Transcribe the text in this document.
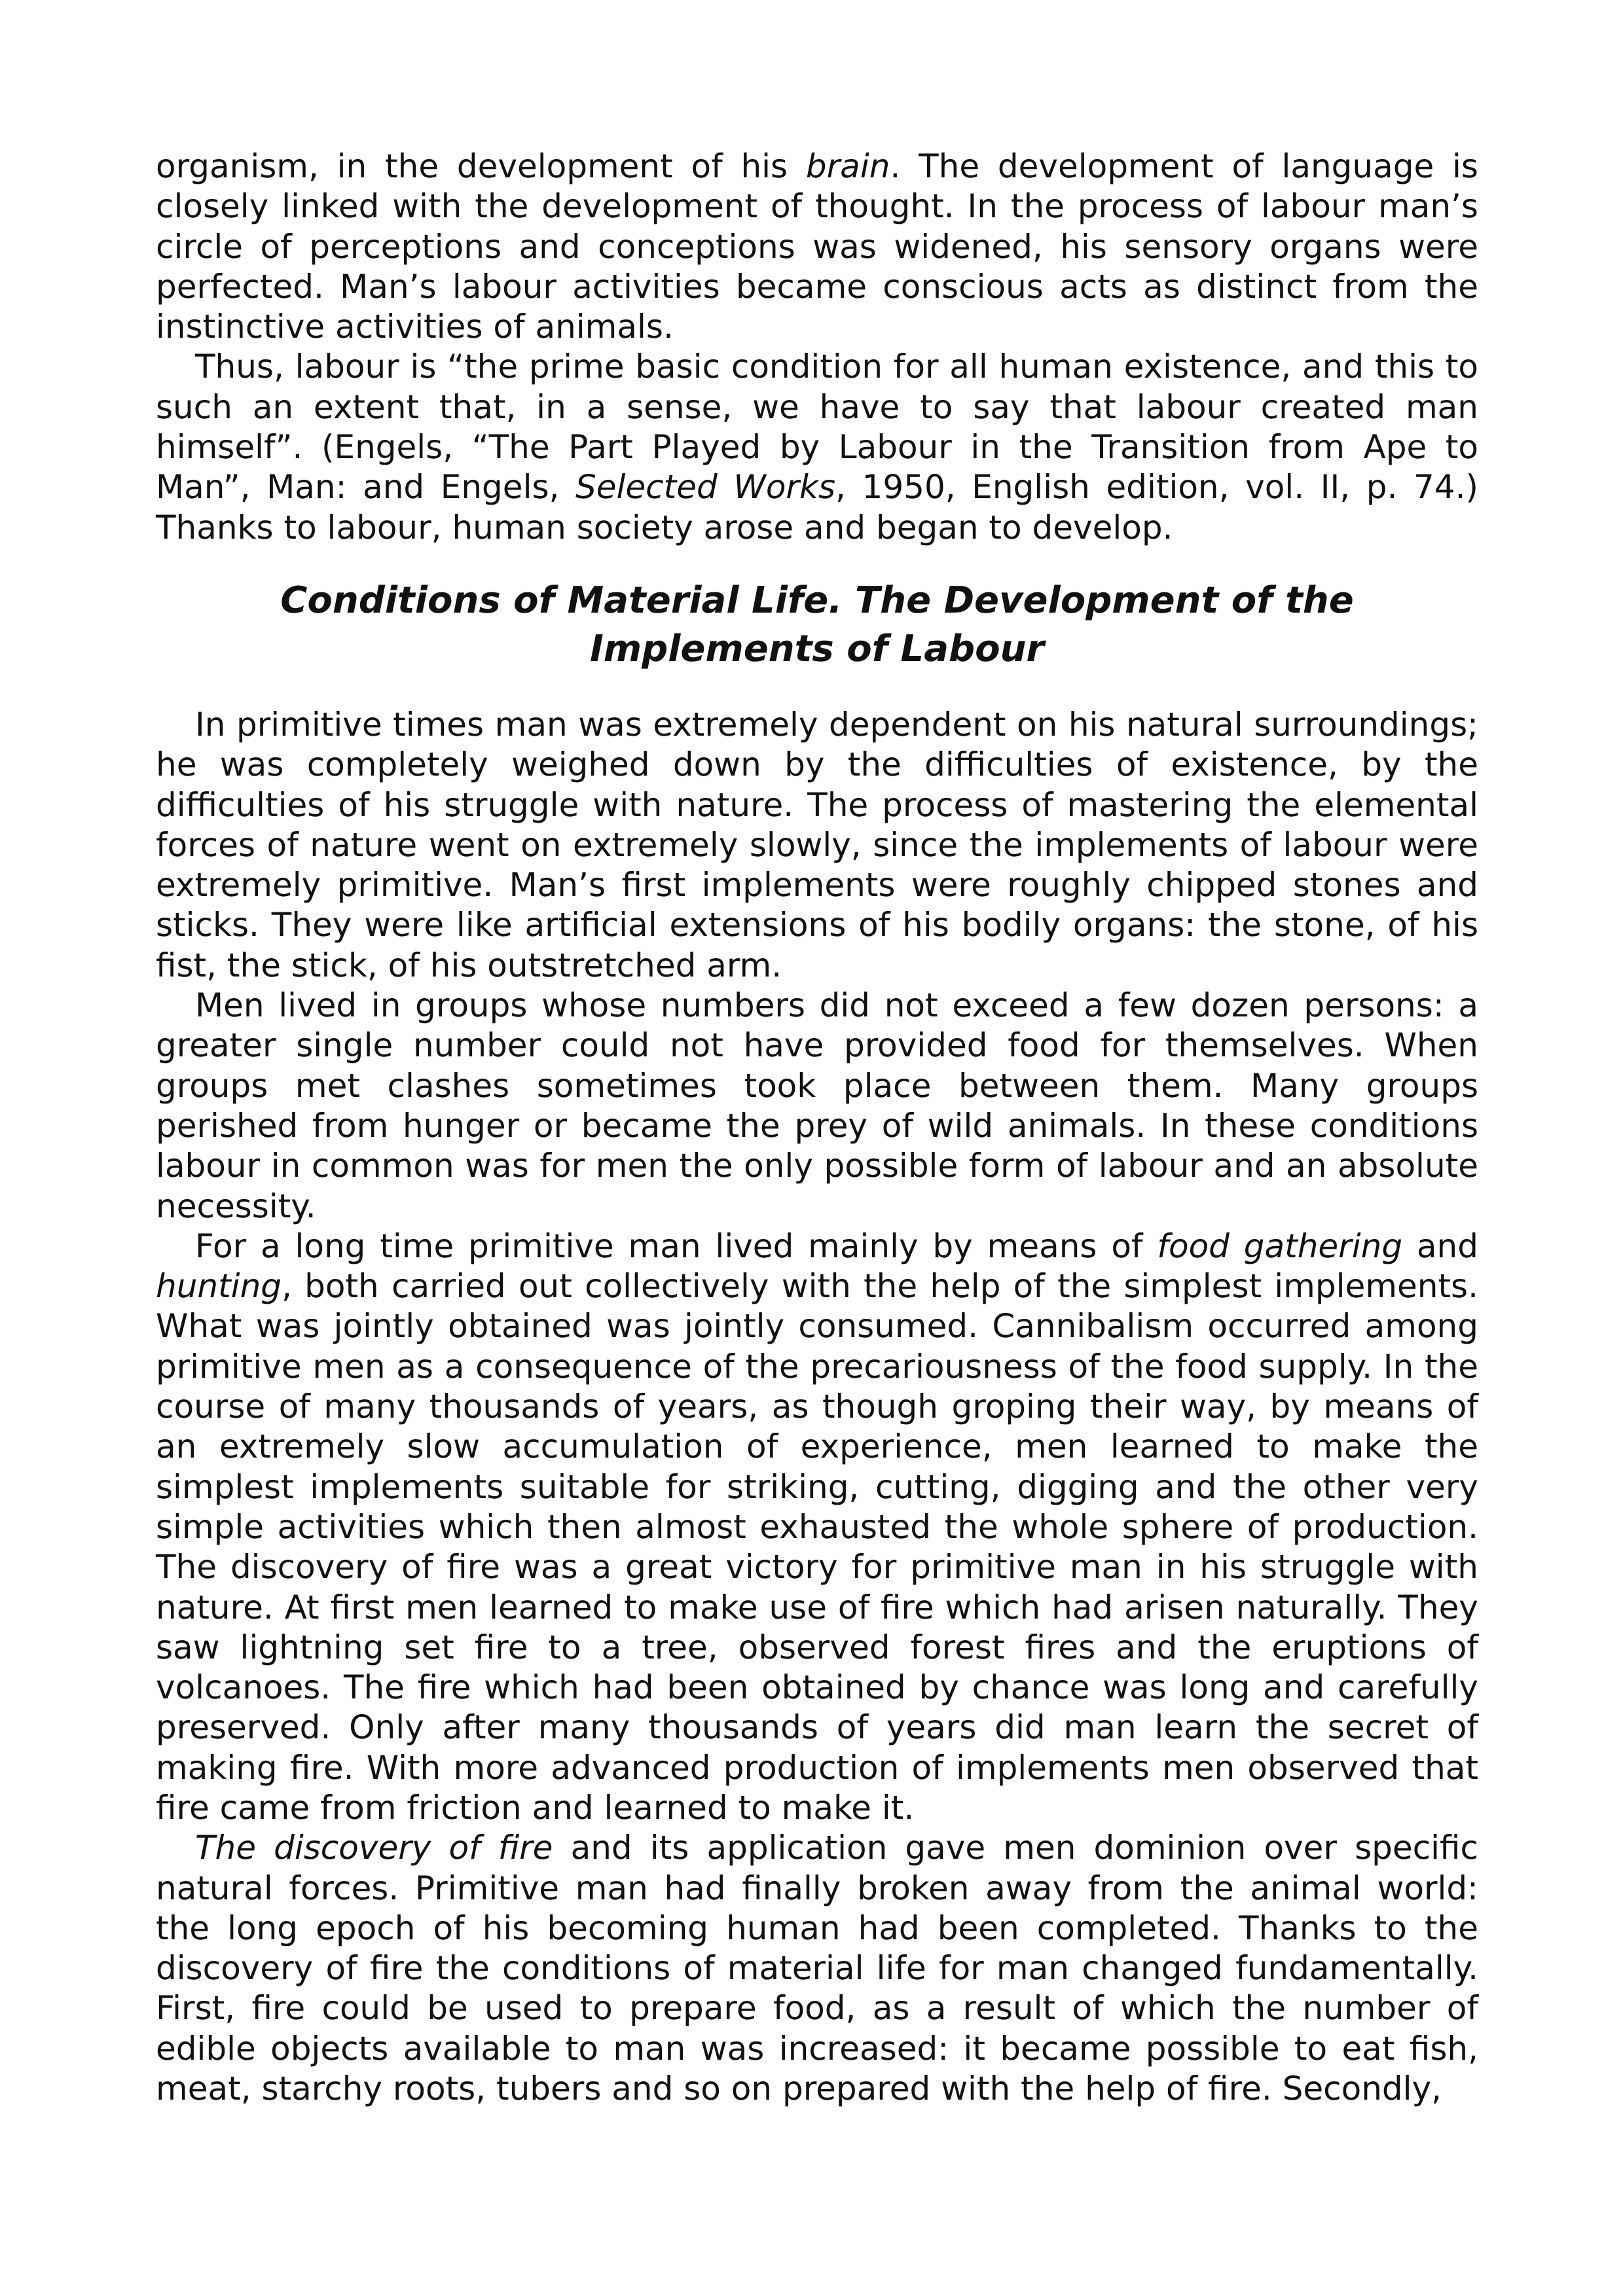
organism, in the development of his brain. The development of language is closely linked with the development of thought. In the process of labour man’s circle of perceptions and conceptions was widened, his sensory organs were perfected. Man’s labour activities became conscious acts as distinct from the instinctive activities of animals.

Thus, labour is “the prime basic condition for all human existence, and this to such an extent that, in a sense, we have to say that labour created man himself”. (Engels, “The Part Played by Labour in the Transition from Ape to Man”, Man: and Engels, Selected Works, 1950, English edition, vol. II, p. 74.) Thanks to labour, human society arose and began to develop.

Conditions of Material Life. The Development of the
Implements of Labour

In primitive times man was extremely dependent on his natural surroundings; he was completely weighed down by the difficulties of existence, by the difficulties of his struggle with nature. The process of mastering the elemental forces of nature went on extremely slowly, since the implements of labour were extremely primitive. Man’s first implements were roughly chipped stones and sticks. They were like artificial extensions of his bodily organs: the stone, of his fist, the stick, of his outstretched arm.

Men lived in groups whose numbers did not exceed a few dozen persons: a greater single number could not have provided food for themselves. When groups met clashes sometimes took place between them. Many groups perished from hunger or became the prey of wild animals. In these conditions labour in common was for men the only possible form of labour and an absolute necessity.

For a long time primitive man lived mainly by means of food gathering and hunting, both carried out collectively with the help of the simplest implements. What was jointly obtained was jointly consumed. Cannibalism occurred among primitive men as a consequence of the precariousness of the food supply. In the course of many thousands of years, as though groping their way, by means of an extremely slow accumulation of experience, men learned to make the simplest implements suitable for striking, cutting, digging and the other very simple activities which then almost exhausted the whole sphere of production. The discovery of fire was a great victory for primitive man in his struggle with nature. At first men learned to make use of fire which had arisen naturally. They saw lightning set fire to a tree, observed forest fires and the eruptions of volcanoes. The fire which had been obtained by chance was long and carefully preserved. Only after many thousands of years did man learn the secret of making fire. With more advanced production of implements men observed that fire came from friction and learned to make it.

The discovery of fire and its application gave men dominion over specific natural forces. Primitive man had finally broken away from the animal world: the long epoch of his becoming human had been completed. Thanks to the discovery of fire the conditions of material life for man changed fundamentally. First, fire could be used to prepare food, as a result of which the number of edible objects available to man was increased: it became possible to eat fish, meat, starchy roots, tubers and so on prepared with the help of fire. Secondly,
